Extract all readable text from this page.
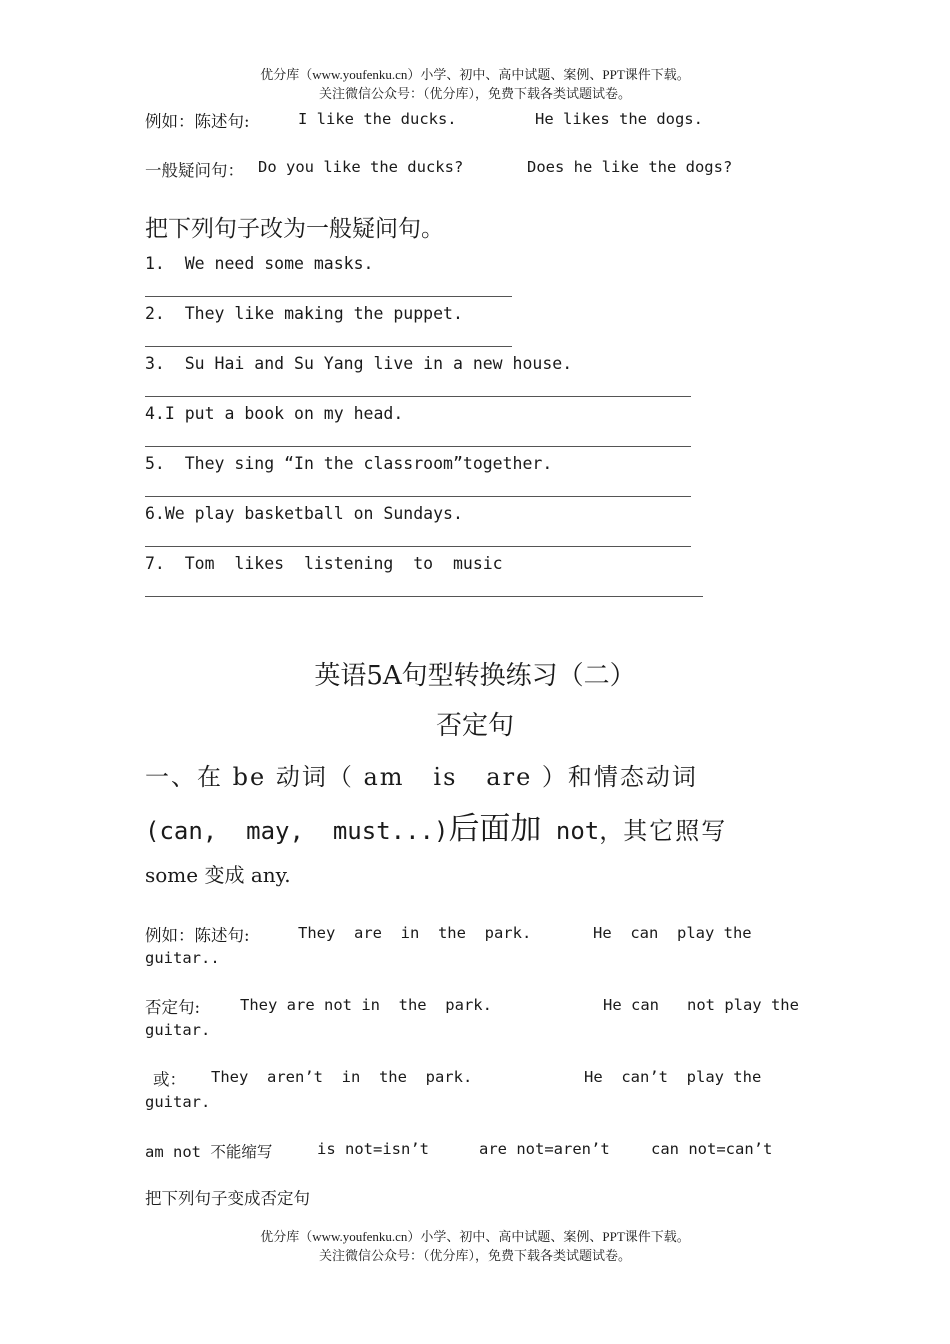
优分库（www.youfenku.cn）小学、初中、高中试题、案例、PPT课件下载。
关注微信公众号：（优分库），免费下载各类试题试卷。
例如：陈述句:	I like the ducks.	He likes the dogs.
一般疑问句： Do you like the ducks?	Does he like the dogs?
把下列句子改为一般疑问句。
1.  We need some masks.
2.  They like making the puppet.
3.  Su Hai and Su Yang live in a new house.
4.I put a book on my head.
5.  They sing “In the classroom”together.
6.We play basketball on Sundays.
7.  Tom  likes  listening  to  music
英语5A句型转换练习（二）
否定句
一、在 be 动词（ am   is   are ）和情态动词
(can,  may,  must...)后面加 not，其它照写
some 变成 any.
例如：陈述句:	They  are  in  the  park.	He  can  play the
guitar..
否定句:	They are not in  the  park.	He can   not play the
guitar.
或： They  aren’t  in  the  park.	He  can’t  play the
guitar.
am not 不能缩写	is not=isn’t	are not=aren’t	can not=can’t
把下列句子变成否定句
优分库（www.youfenku.cn）小学、初中、高中试题、案例、PPT课件下载。
关注微信公众号：（优分库），免费下载各类试题试卷。
